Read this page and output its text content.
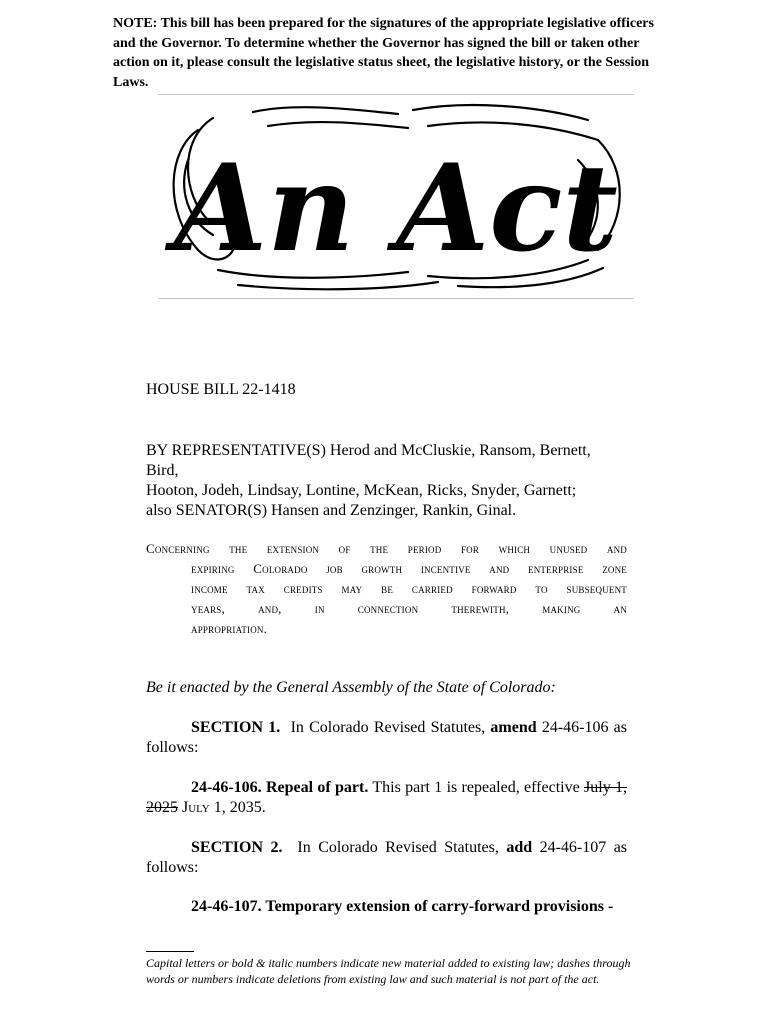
NOTE: This bill has been prepared for the signatures of the appropriate legislative officers and the Governor. To determine whether the Governor has signed the bill or taken other action on it, please consult the legislative status sheet, the legislative history, or the Session Laws.
An Act
HOUSE BILL 22-1418
BY REPRESENTATIVE(S) Herod and McCluskie, Ransom, Bernett, Bird,
Hooton, Jodeh, Lindsay, Lontine, McKean, Ricks, Snyder, Garnett;
also SENATOR(S) Hansen and Zenzinger, Rankin, Ginal.
Concerning the extension of the period for which unused and
expiring Colorado job growth incentive and enterprise zone
income tax credits may be carried forward to subsequent
years, and, in connection therewith, making an
appropriation.
Be it enacted by the General Assembly of the State of Colorado:
SECTION 1. In Colorado Revised Statutes, amend 24-46-106 as
follows:
24-46-106. Repeal of part. This part 1 is repealed, effective July 1,
2025 July 1, 2035.
SECTION 2. In Colorado Revised Statutes, add 24-46-107 as
follows:
24-46-107. Temporary extension of carry-forward provisions -
Capital letters or bold & italic numbers indicate new material added to existing law; dashes through words or numbers indicate deletions from existing law and such material is not part of the act.
